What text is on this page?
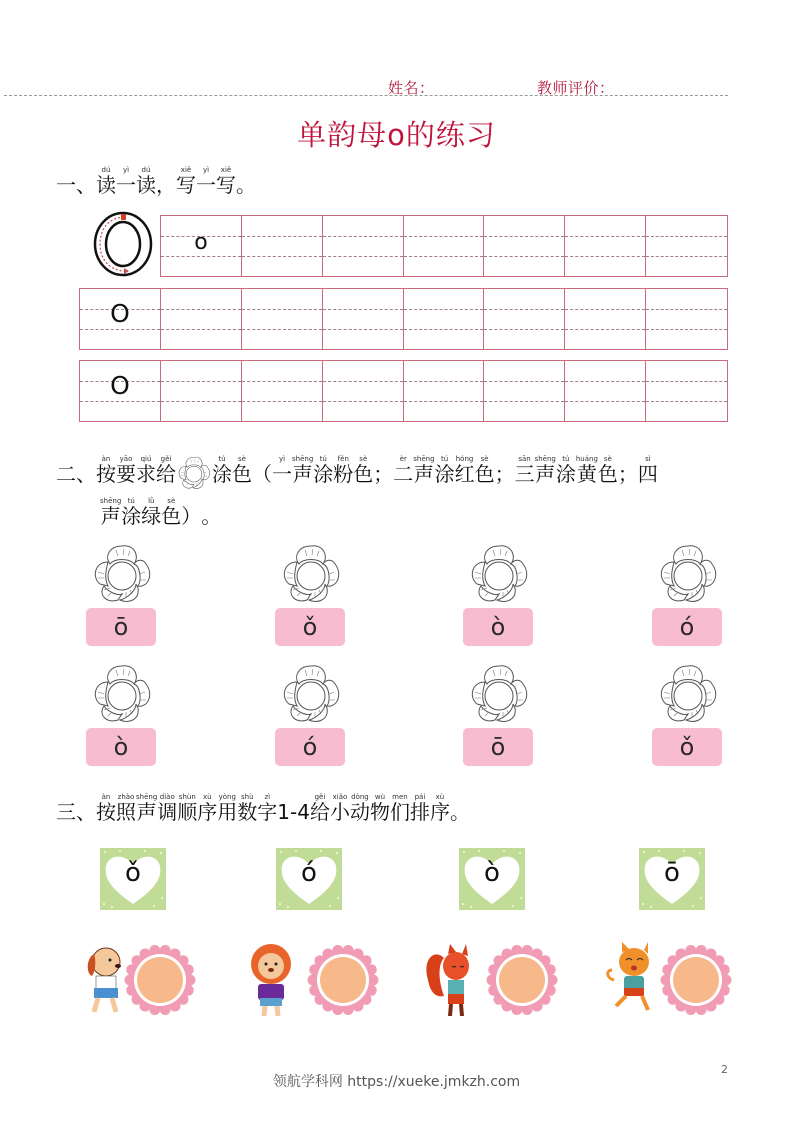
姓名：	教师评价：
单韵母o的练习
一、读dú一yì读dú， 写xiě一yì写xiě。
o
O
O
二、按àn要yāo求qiú给gěi涂tú色sè（ 一yì声shēng涂tú粉fěn色sè； 二èr声shēng涂tú红hóng色sè； 三sān声shēng涂tú黄huáng色sè； 四sì
声shēng涂tú绿lǜ色sè） 。
ō	ǒ	ò	ó
ò	ó	ō	ǒ
三、按àn照zhào声shēng调diào顺shùn序xù用yòng数shù字zì1-4 给gěi小xiǎo动dòng物wù们men排pái序xù。
ǒ	ó	ò	ō
领航学科网 https://xueke.jmkzh.com
2
